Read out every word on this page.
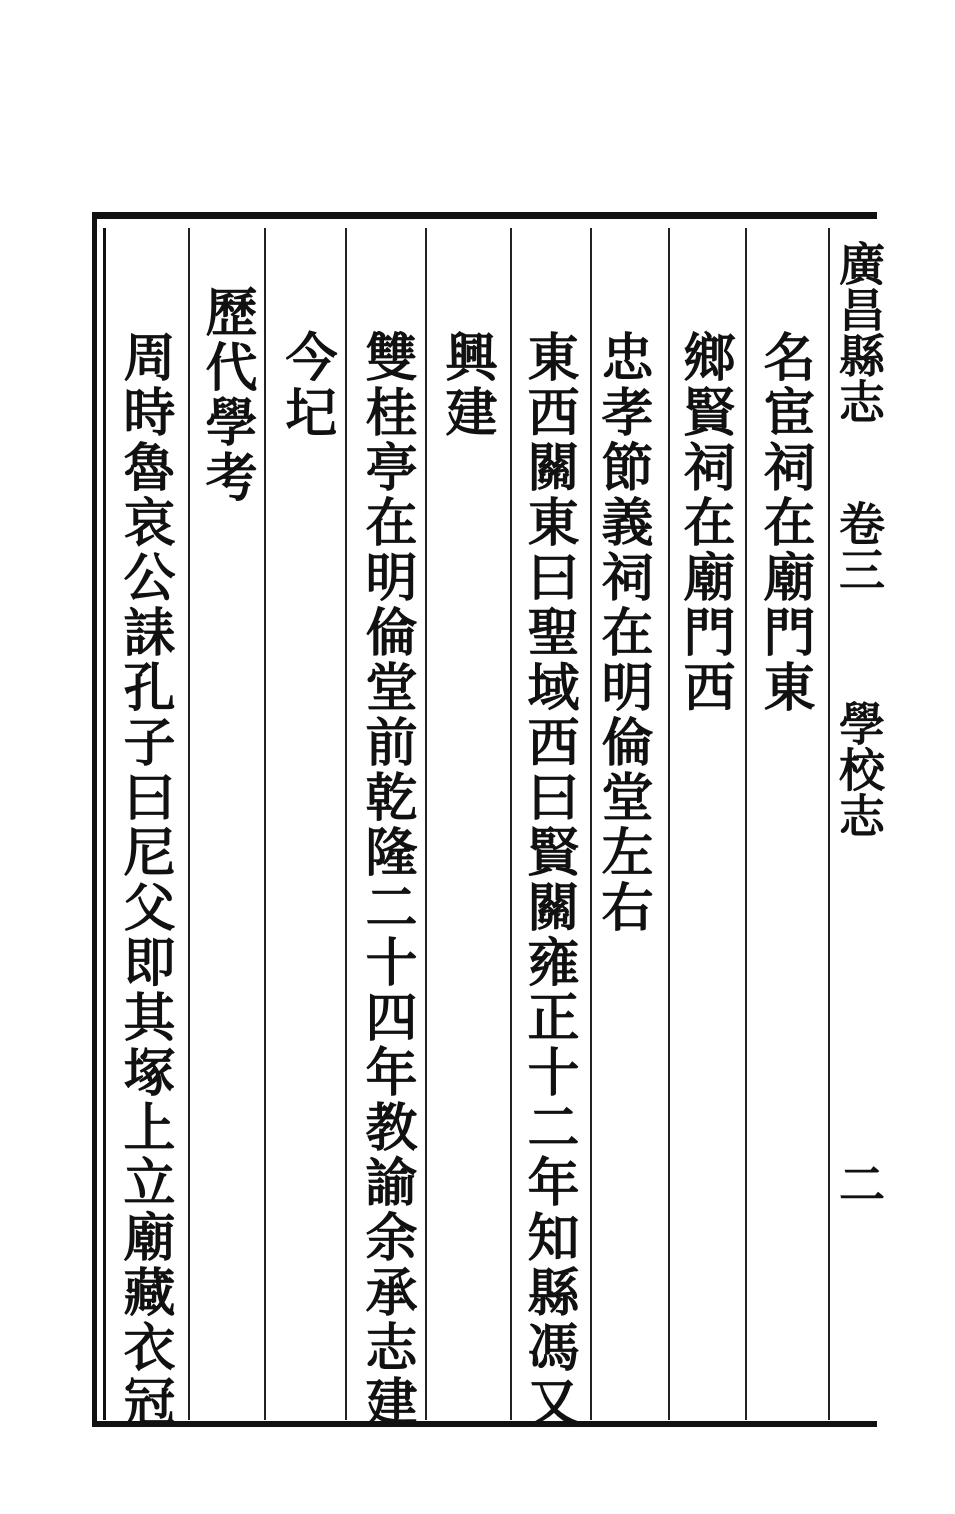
廣昌縣志
卷三
學校志
二
名宦祠在廟門東
鄉賢祠在廟門西
忠孝節義祠在明倫堂左右
東西關東曰聖域西曰賢關雍正十二年知縣馮又
興建
雙桂亭在明倫堂前乾隆二十四年教諭余承志建
今圮
歷代學考
周時魯哀公誄孔子曰尼父即其塚上立廟藏衣冠
